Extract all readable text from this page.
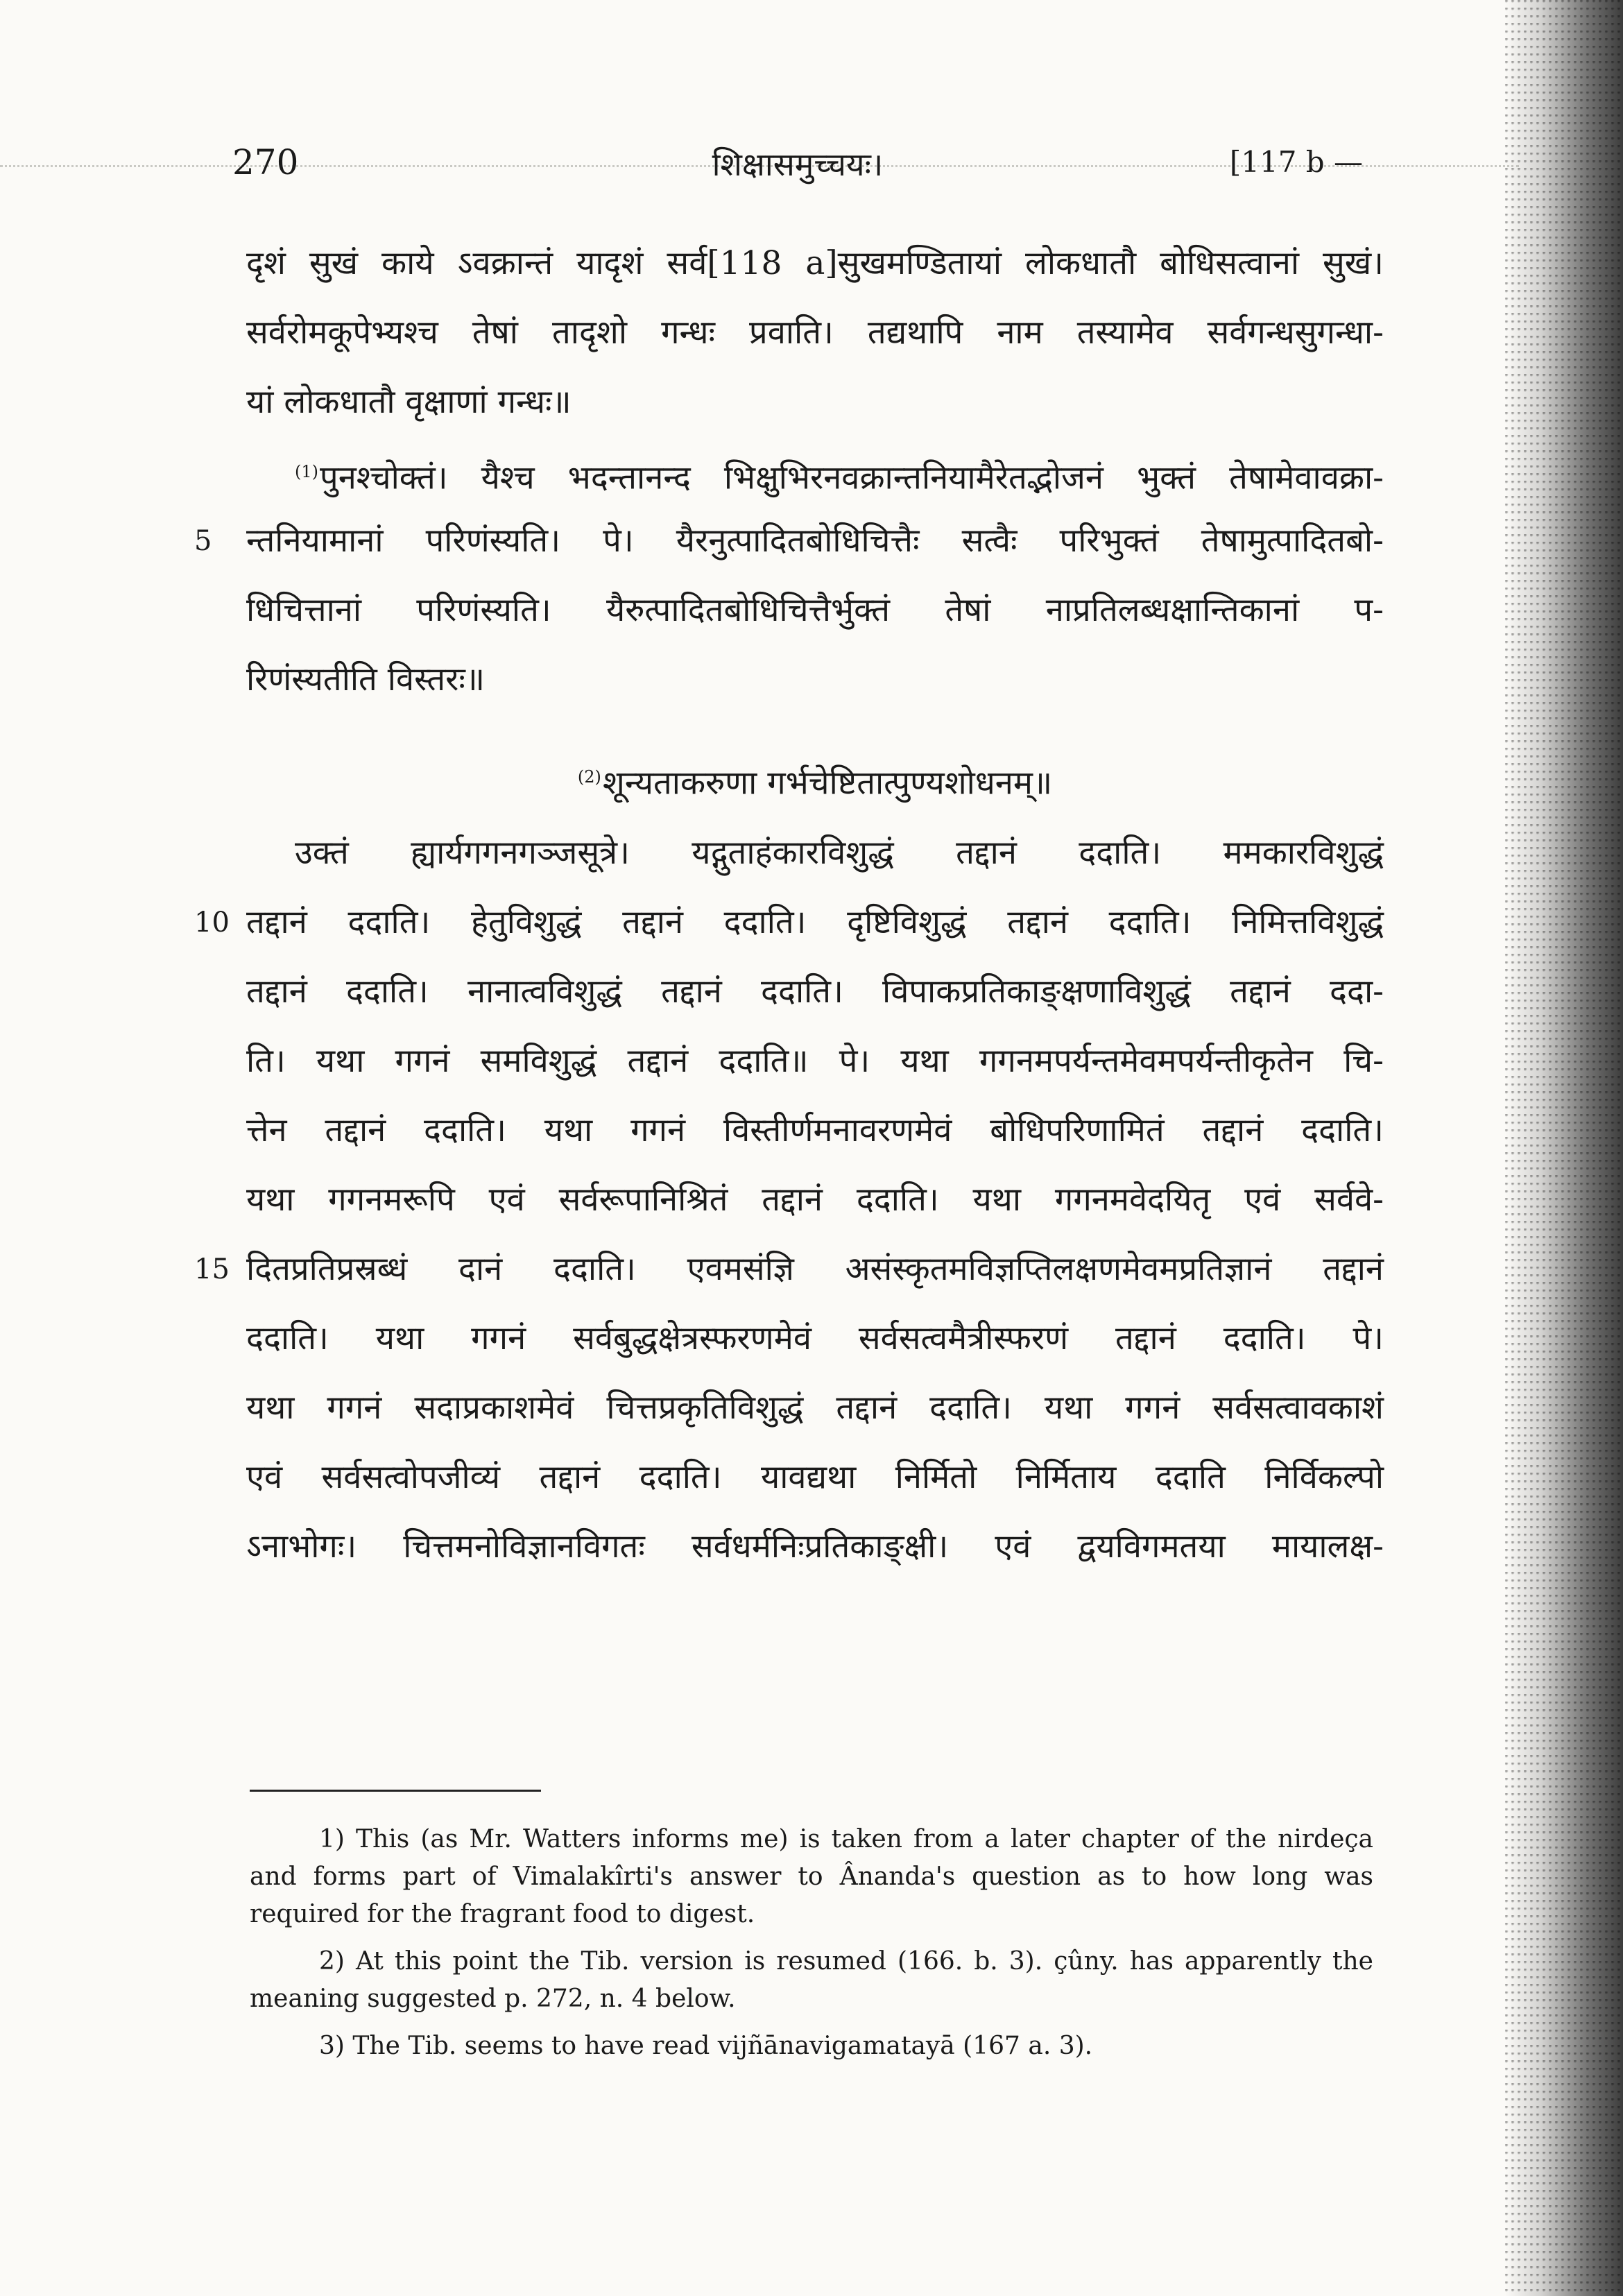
270	शिक्षासमुच्चयः।	[117 b —
दृशं सुखं काये ऽवक्रान्तं यादृशं सर्व[118 a]सुखमण्डितायां लोकधातौ बोधिसत्वानां सुखं।
सर्वरोमकूपेभ्यश्च तेषां तादृशो गन्धः प्रवाति। तद्यथापि नाम तस्यामेव सर्वगन्धसुगन्धा-
यां लोकधातौ वृक्षाणां गन्धः॥
$^{(1)}$पुनश्चोक्तं। यैश्च भदन्तानन्द भिक्षुभिरनवक्रान्तनियामैरेतद्भोजनं भुक्तं तेषामेवावक्रा-
5 न्तनियामानां परिणंस्यति। पे। यैरनुत्पादितबोधिचित्तैः सत्वैः परिभुक्तं तेषामुत्पादितबो-
धिचित्तानां परिणंस्यति। यैरुत्पादितबोधिचित्तैर्भुक्तं तेषां नाप्रतिलब्धक्षान्तिकानां प-
रिणंस्यतीति विस्तरः॥
$^{(2)}$शून्यताकरुणा गर्भचेष्टितात्पुण्यशोधनम्॥
उक्तं ह्यार्यगगनगञ्जसूत्रे। यद्गुताहंकारविशुद्धं तद्दानं ददाति। ममकारविशुद्धं
10 तद्दानं ददाति। हेतुविशुद्धं तद्दानं ददाति। दृष्टिविशुद्धं तद्दानं ददाति। निमित्तविशुद्धं
तद्दानं ददाति। नानात्वविशुद्धं तद्दानं ददाति। विपाकप्रतिकाङ्क्षणाविशुद्धं तद्दानं ददा-
ति। यथा गगनं समविशुद्धं तद्दानं ददाति॥ पे। यथा गगनमपर्यन्तमेवमपर्यन्तीकृतेन चि-
त्तेन तद्दानं ददाति। यथा गगनं विस्तीर्णमनावरणमेवं बोधिपरिणामितं तद्दानं ददाति।
यथा गगनमरूपि एवं सर्वरूपानिश्रितं तद्दानं ददाति। यथा गगनमवेदयितृ एवं सर्ववे-
15 दितप्रतिप्रस्रब्धं दानं ददाति। एवमसंज्ञि असंस्कृतमविज्ञप्तिलक्षणमेवमप्रतिज्ञानं तद्दानं
ददाति। यथा गगनं सर्वबुद्धक्षेत्रस्फरणमेवं सर्वसत्वमैत्रीस्फरणं तद्दानं ददाति। पे।
यथा गगनं सदाप्रकाशमेवं चित्तप्रकृतिविशुद्धं तद्दानं ददाति। यथा गगनं सर्वसत्वावकाशं
एवं सर्वसत्वोपजीव्यं तद्दानं ददाति। यावद्यथा निर्मितो निर्मिताय ददाति निर्विकल्पो
ऽनाभोगः। चित्तमनोविज्ञानविगतः सर्वधर्मनिःप्रतिकाङ्क्षी। एवं द्वयविगमतया मायालक्ष-

1) This (as Mr. Watters informs me) is taken from a later chapter of the nirdeça and forms part of Vimalakîrti's answer to Ânanda's question as to how long was required for the fragrant food to digest.

2) At this point the Tib. version is resumed (166. b. 3). çûny. has apparently the meaning suggested p. 272, n. 4 below.

3) The Tib. seems to have read vijñānavigamatayā (167 a. 3).
